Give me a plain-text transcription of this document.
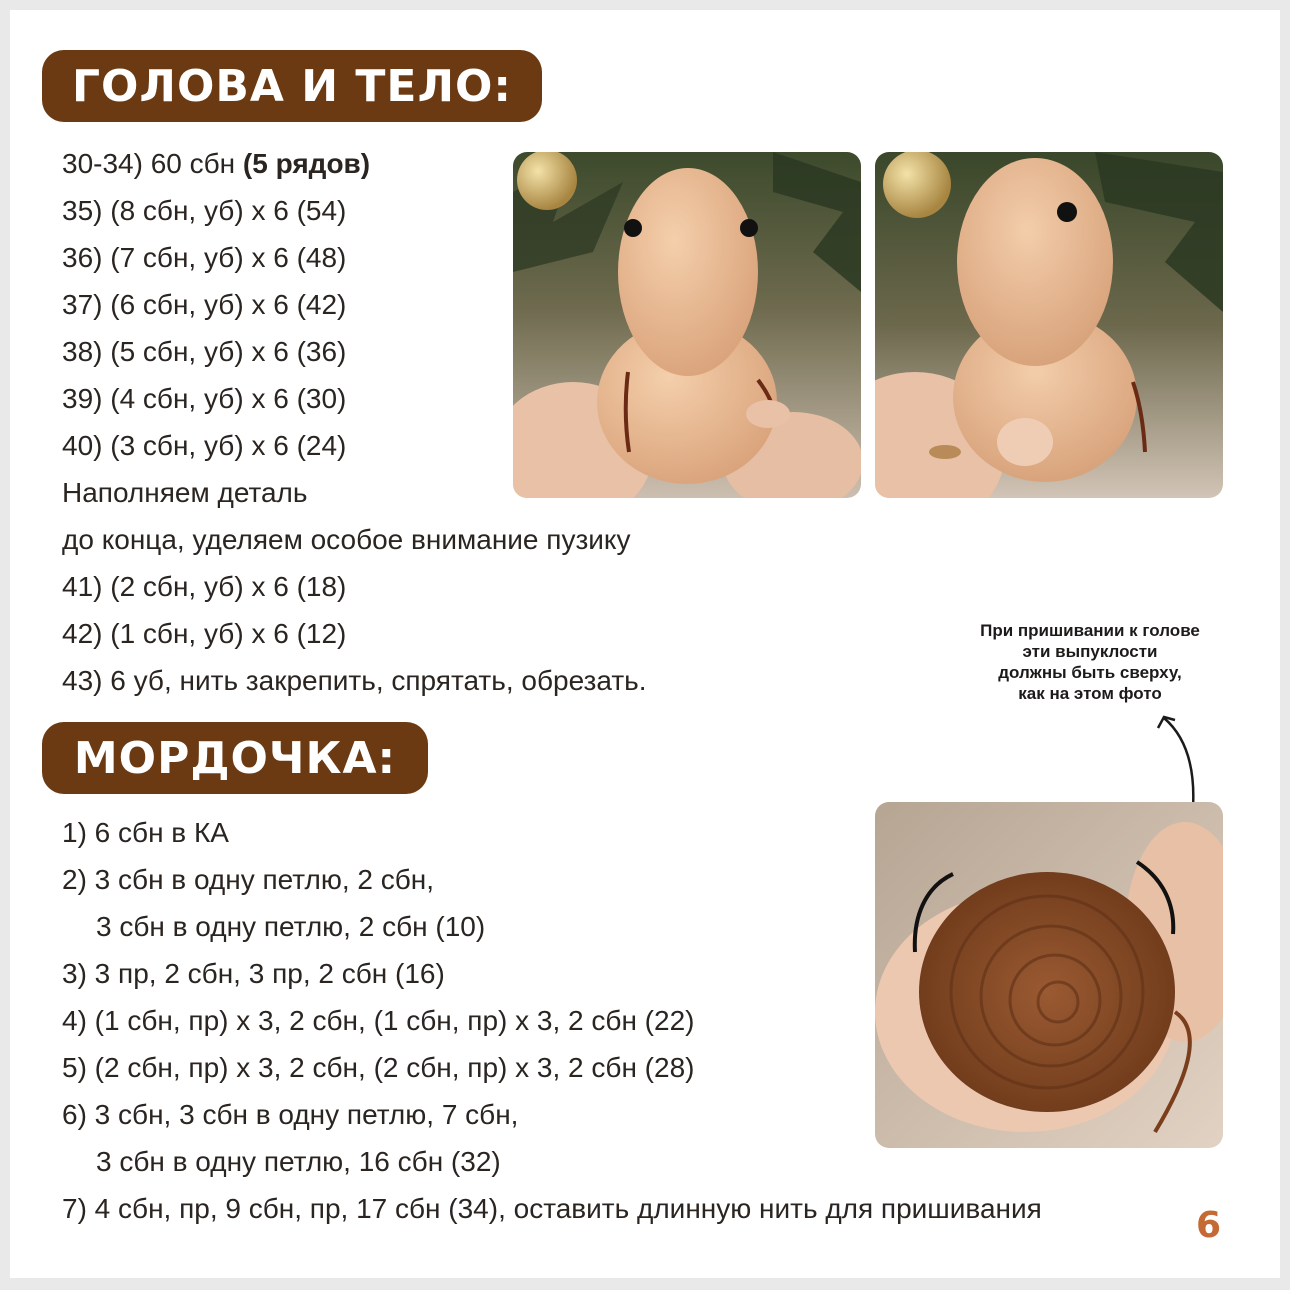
ГОЛОВА И ТЕЛО:
30-34) 60 сбн (5 рядов)
35) (8 сбн, уб) х 6 (54)
36) (7 сбн, уб) х 6 (48)
37) (6 сбн, уб) х 6 (42)
38) (5 сбн, уб) х 6 (36)
39) (4 сбн, уб) х 6 (30)
40) (3 сбн, уб) х 6 (24)
Наполняем деталь
до конца, уделяем особое внимание пузику
41) (2 сбн, уб) х 6 (18)
42) (1 сбн, уб) х 6 (12)
43) 6 уб, нить закрепить, спрятать, обрезать.
При пришивании к голове
эти выпуклости
должны быть сверху,
как на этом фото
МОРДОЧКА:
1) 6 сбн в КА
2) 3 сбн в одну петлю, 2 сбн,
3 сбн в одну петлю, 2 сбн (10)
3) 3 пр, 2 сбн, 3 пр, 2 сбн (16)
4) (1 сбн, пр) х 3, 2 сбн, (1 сбн, пр) х 3, 2 сбн (22)
5) (2 сбн, пр) х 3, 2 сбн, (2 сбн, пр) х 3, 2 сбн (28)
6) 3 сбн, 3 сбн в одну петлю, 7 сбн,
3 сбн в одну петлю, 16 сбн (32)
7) 4 сбн, пр, 9 сбн, пр, 17 сбн (34), оставить длинную нить для пришивания	6
